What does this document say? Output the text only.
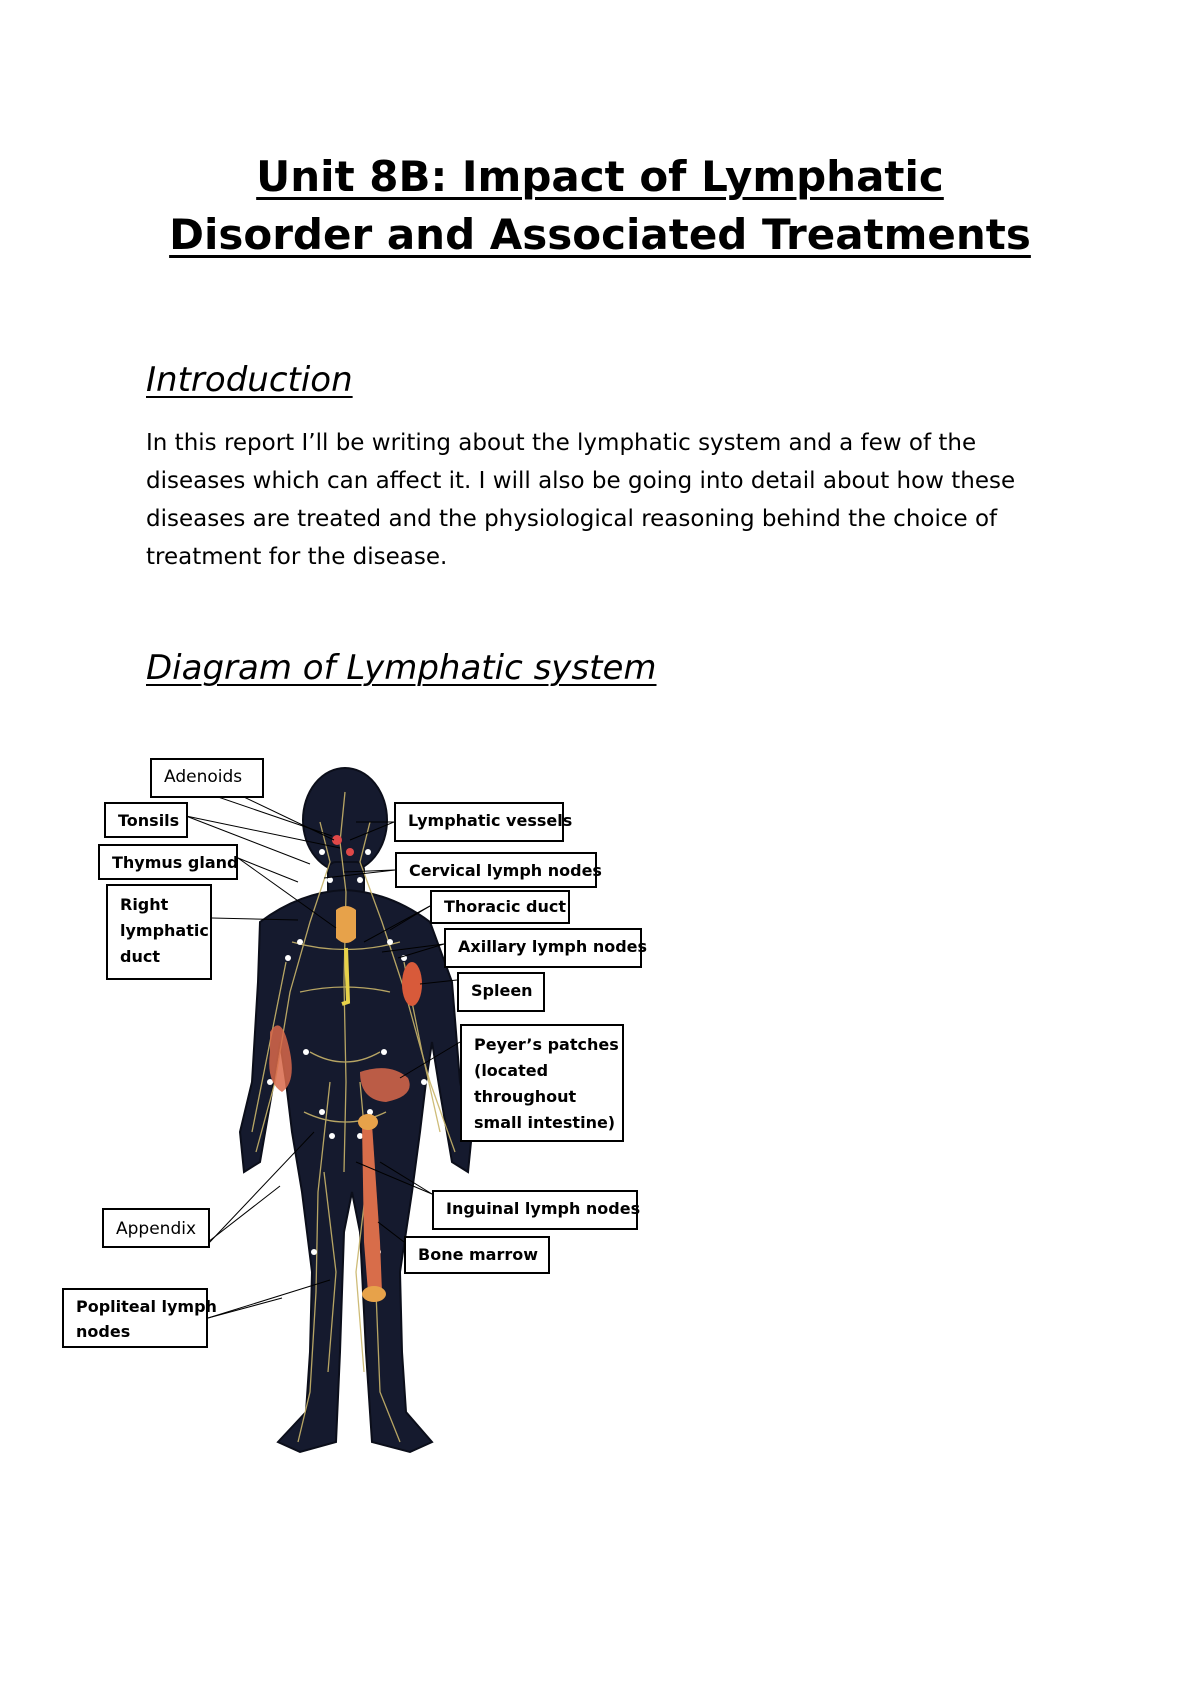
Unit 8B: Impact of Lymphatic
Disorder and Associated Treatments
Introduction

In this report I’ll be writing about the lymphatic system and a few of the
diseases which can affect it. I will also be going into detail about how these
diseases are treated and the physiological reasoning behind the choice of
treatment for the disease.

Diagram of Lymphatic system
Adenoids
Tonsils
Thymus gland
Right
lymphatic
duct
Appendix
Popliteal lymph
nodes
Lymphatic vessels
Cervical lymph nodes
Thoracic duct
Axillary lymph nodes
Spleen
Peyer’s patches
(located
throughout
small intestine)
Inguinal lymph nodes
Bone marrow
